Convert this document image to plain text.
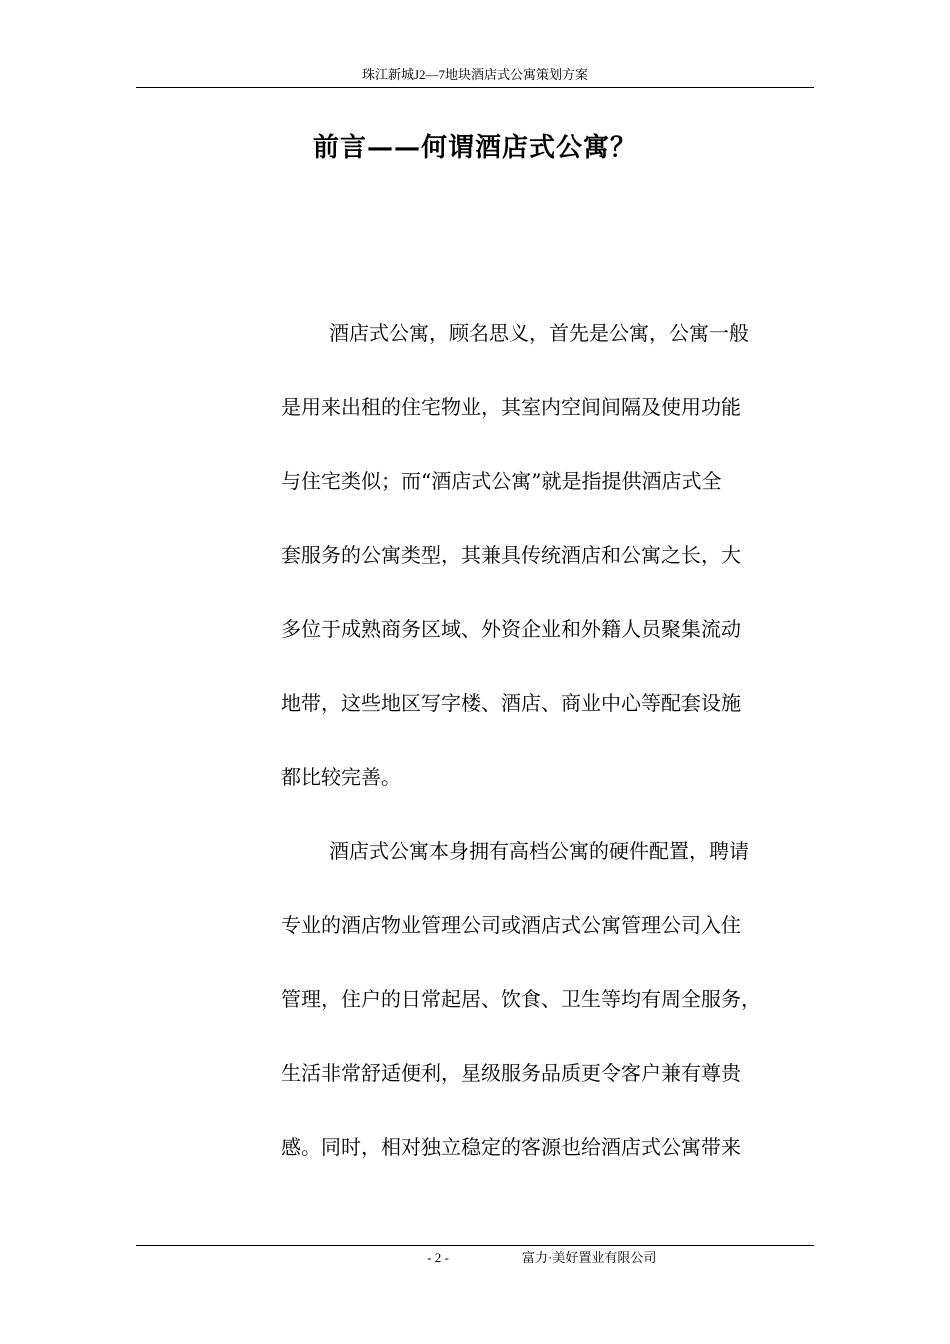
珠江新城J2—7地块酒店式公寓策划方案
前言——何谓酒店式公寓？

酒店式公寓，顾名思义，首先是公寓，公寓一般
是用来出租的住宅物业，其室内空间间隔及使用功能
与住宅类似；而“酒店式公寓”就是指提供酒店式全
套服务的公寓类型，其兼具传统酒店和公寓之长，大
多位于成熟商务区域、外资企业和外籍人员聚集流动
地带，这些地区写字楼、酒店、商业中心等配套设施
都比较完善。

酒店式公寓本身拥有高档公寓的硬件配置，聘请
专业的酒店物业管理公司或酒店式公寓管理公司入住
管理，住户的日常起居、饮食、卫生等均有周全服务，
生活非常舒适便利，星级服务品质更令客户兼有尊贵
感。同时，相对独立稳定的客源也给酒店式公寓带来

- 2 -	富力·美好置业有限公司
